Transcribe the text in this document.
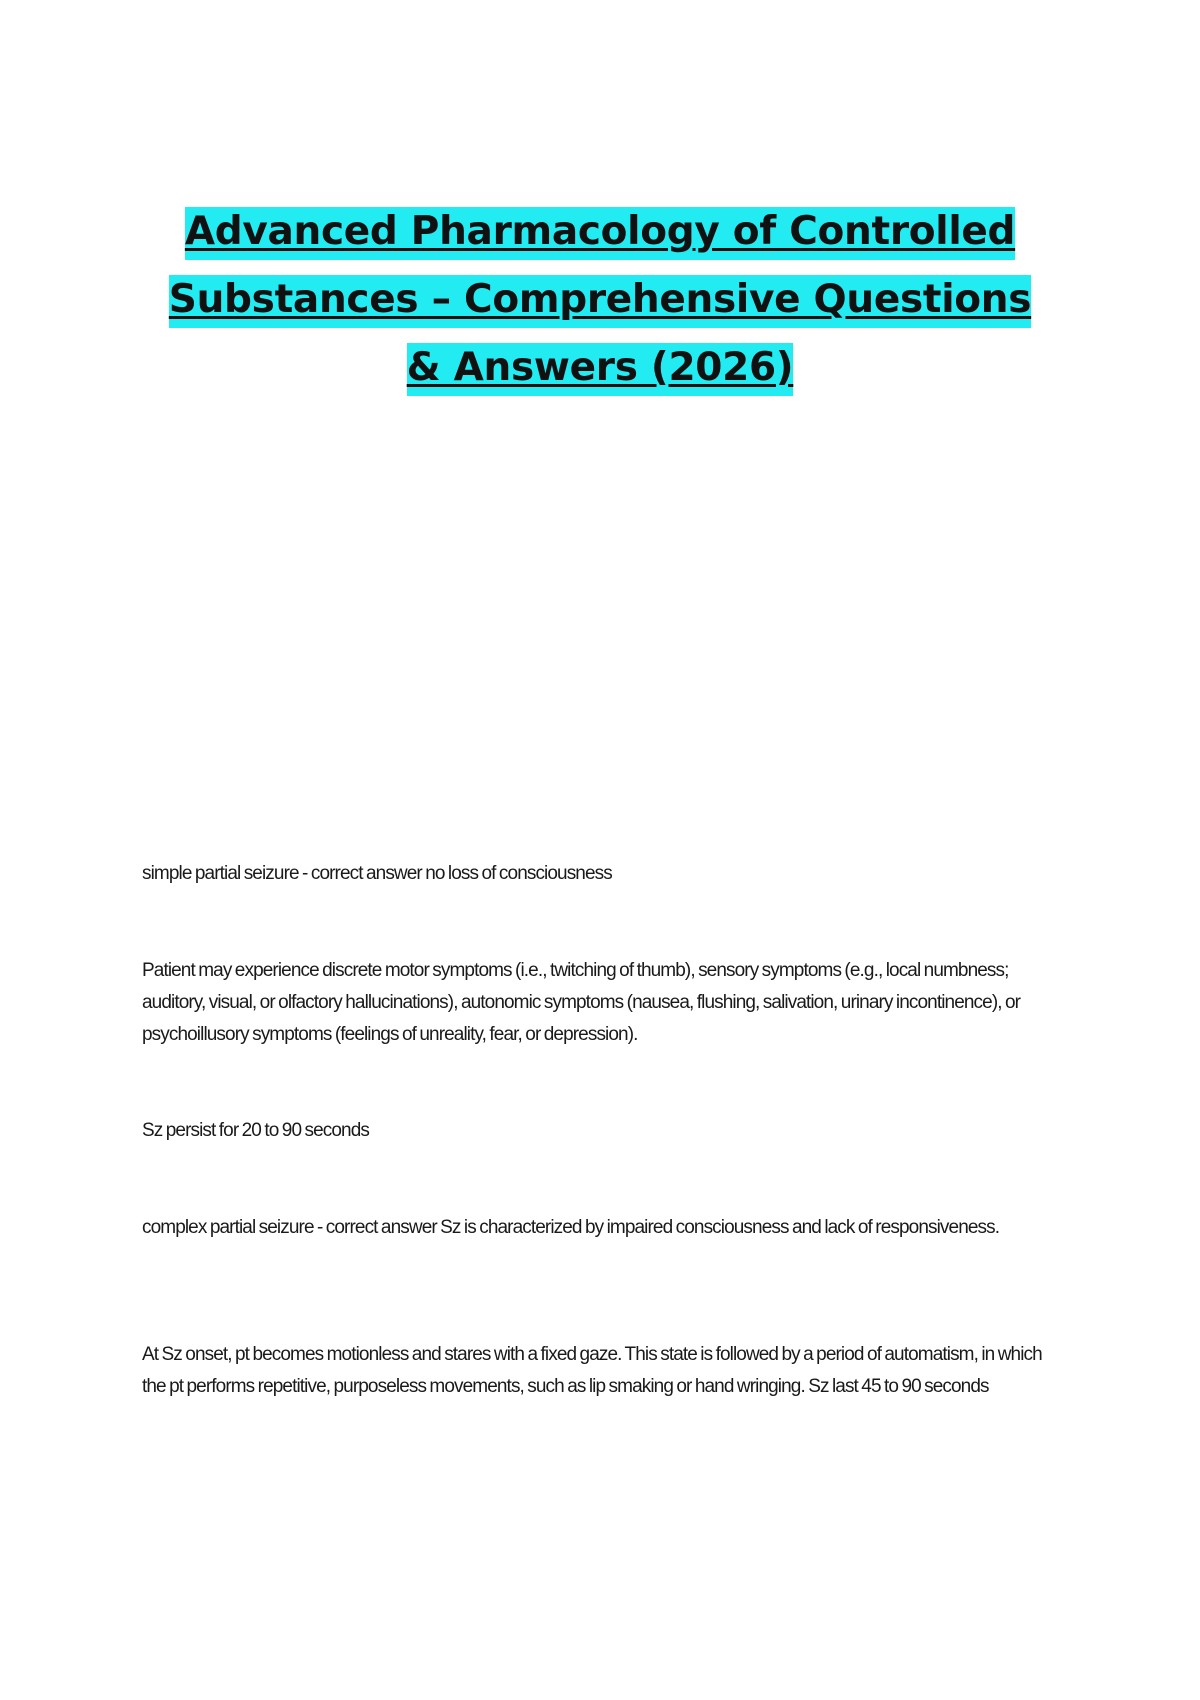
Advanced Pharmacology of Controlled Substances – Comprehensive Questions & Answers (2026)

simple partial seizure - correct answer no loss of consciousness

Patient may experience discrete motor symptoms (i.e., twitching of thumb), sensory symptoms (e.g., local numbness; auditory, visual, or olfactory hallucinations), autonomic symptoms (nausea, flushing, salivation, urinary incontinence), or psychoillusory symptoms (feelings of unreality, fear, or depression).

Sz persist for 20 to 90 seconds

complex partial seizure - correct answer Sz is characterized by impaired consciousness and lack of responsiveness.

At Sz onset, pt becomes motionless and stares with a fixed gaze. This state is followed by a period of automatism, in which the pt performs repetitive, purposeless movements, such as lip smaking or hand wringing. Sz last 45 to 90 seconds
